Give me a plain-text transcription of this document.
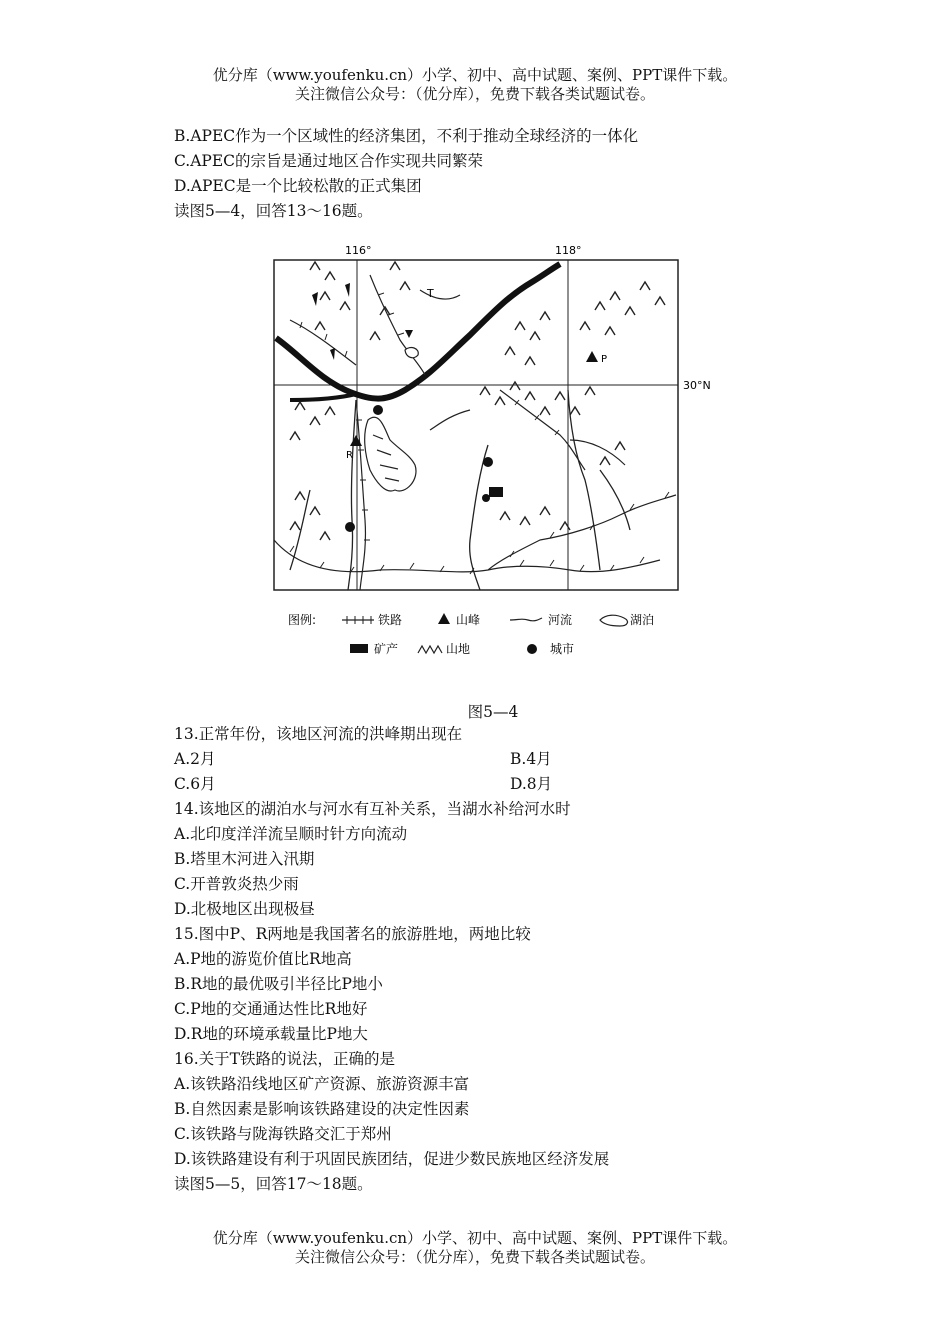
优分库（www.youfenku.cn）小学、初中、高中试题、案例、PPT课件下载。
关注微信公众号：（优分库），免费下载各类试题试卷。
B.APEC作为一个区域性的经济集团，不利于推动全球经济的一体化
C.APEC的宗旨是通过地区合作实现共同繁荣
D.APEC是一个比较松散的正式集团
读图5—4，回答13～16题。
116°	118°
30°N
P
R
T
图例:	铁路	山峰	河流	湖泊
矿产	山地	城市
图5—4
13.正常年份，该地区河流的洪峰期出现在
A.2月	B.4月
C.6月	D.8月
14.该地区的湖泊水与河水有互补关系，当湖水补给河水时
A.北印度洋洋流呈顺时针方向流动
B.塔里木河进入汛期
C.开普敦炎热少雨
D.北极地区出现极昼
15.图中P、R两地是我国著名的旅游胜地，两地比较
A.P地的游览价值比R地高
B.R地的最优吸引半径比P地小
C.P地的交通通达性比R地好
D.R地的环境承载量比P地大
16.关于T铁路的说法，正确的是
A.该铁路沿线地区矿产资源、旅游资源丰富
B.自然因素是影响该铁路建设的决定性因素
C.该铁路与陇海铁路交汇于郑州
D.该铁路建设有利于巩固民族团结，促进少数民族地区经济发展
读图5—5，回答17～18题。
优分库（www.youfenku.cn）小学、初中、高中试题、案例、PPT课件下载。
关注微信公众号：（优分库），免费下载各类试题试卷。
